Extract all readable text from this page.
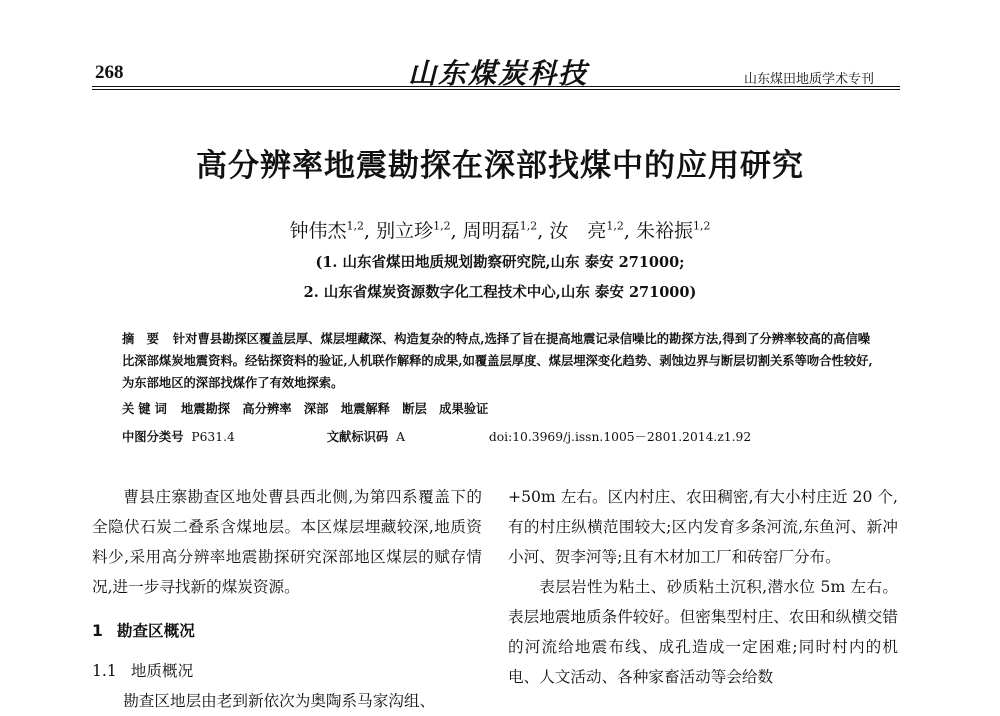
268	山东煤炭科技	山东煤田地质学术专刊
高分辨率地震勘探在深部找煤中的应用研究
钟伟杰$^{1,2}$, 别立珍$^{1,2}$, 周明磊$^{1,2}$, 汝　亮$^{1,2}$, 朱裕振$^{1,2}$
(1. 山东省煤田地质规划勘察研究院,山东 泰安 271000;
2. 山东省煤炭资源数字化工程技术中心,山东 泰安 271000)
摘 要 针对曹县勘探区覆盖层厚、煤层埋藏深、构造复杂的特点,选择了旨在提高地震记录信噪比的勘探方法,得到了分辨率较高的高信噪比深部煤炭地震资料。经钻探资料的验证,人机联作解释的成果,如覆盖层厚度、煤层埋深变化趋势、剥蚀边界与断层切割关系等吻合性较好,为东部地区的深部找煤作了有效地探索。
关键词 地震勘探　高分辨率　深部　地震解释　断层　成果验证
中图分类号 P631.4	文献标识码 A	doi:10.3969/j.issn.1005－2801.2014.z1.92

曹县庄寨勘查区地处曹县西北侧,为第四系覆盖下的全隐伏石炭二叠系含煤地层。本区煤层埋藏较深,地质资料少,采用高分辨率地震勘探研究深部地区煤层的赋存情况,进一步寻找新的煤炭资源。

1 勘查区概况
1.1 地质概况

勘查区地层由老到新依次为奥陶系马家沟组、

+50m 左右。区内村庄、农田稠密,有大小村庄近 20 个,有的村庄纵横范围较大;区内发育多条河流,东鱼河、新冲小河、贺李河等;且有木材加工厂和砖窑厂分布。

表层岩性为粘土、砂质粘土沉积,潜水位 5m 左右。表层地震地质条件较好。但密集型村庄、农田和纵横交错的河流给地震布线、成孔造成一定困难;同时村内的机电、人文活动、各种家畜活动等会给数
